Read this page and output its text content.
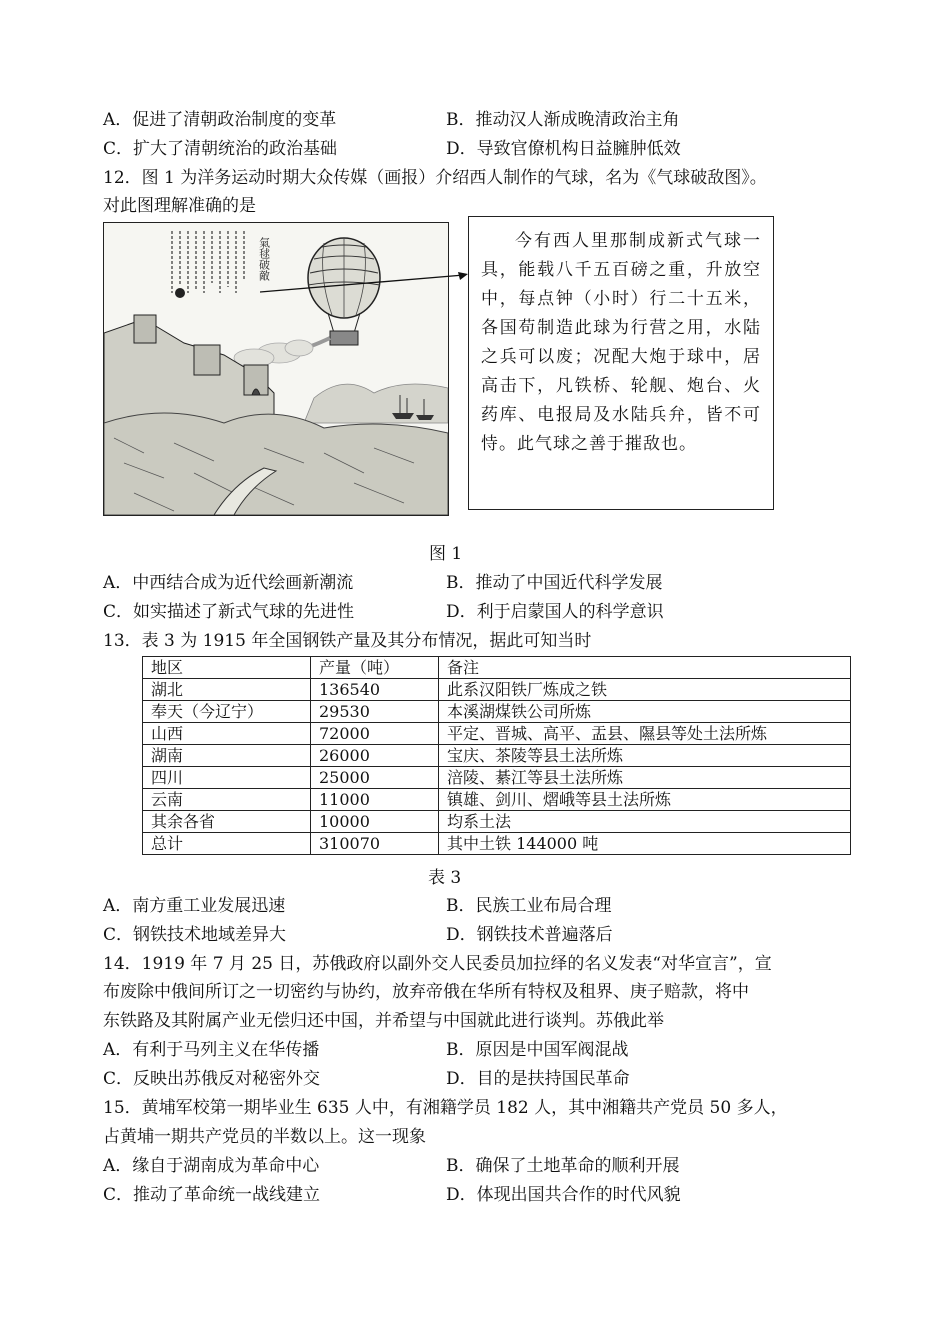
A．促进了清朝政治制度的变革	B．推动汉人渐成晚清政治主角
C．扩大了清朝统治的政治基础	D．导致官僚机构日益臃肿低效
12．图 1 为洋务运动时期大众传媒（画报）介绍西人制作的气球，名为《气球破敌图》。
对此图理解准确的是
氣毬破敵	今有西人里那制成新式气球一具，能载八千五百磅之重，升放空中，每点钟（小时）行二十五米，各国苟制造此球为行营之用，水陆之兵可以废；况配大炮于球中，居高击下，凡铁桥、轮舰、炮台、火药库、电报局及水陆兵弁，皆不可恃。此气球之善于摧敌也。
图 1
A．中西结合成为近代绘画新潮流	B．推动了中国近代科学发展
C．如实描述了新式气球的先进性	D．利于启蒙国人的科学意识
13．表 3 为 1915 年全国钢铁产量及其分布情况，据此可知当时
地区	产量（吨）	备注
湖北	136540	此系汉阳铁厂炼成之铁
奉天（今辽宁）	29530	本溪湖煤铁公司所炼
山西	72000	平定、晋城、高平、盂县、隰县等处土法所炼
湖南	26000	宝庆、茶陵等县土法所炼
四川	25000	涪陵、綦江等县土法所炼
云南	11000	镇雄、剑川、熠峨等县土法所炼
其余各省	10000	均系土法
总计	310070	其中土铁 144000 吨
表 3
A．南方重工业发展迅速	B．民族工业布局合理
C．钢铁技术地域差异大	D．钢铁技术普遍落后
14．1919 年 7 月 25 日，苏俄政府以副外交人民委员加拉绎的名义发表“对华宣言”，宣
布废除中俄间所订之一切密约与协约，放弃帝俄在华所有特权及租界、庚子赔款，将中
东铁路及其附属产业无偿归还中国，并希望与中国就此进行谈判。苏俄此举
A．有利于马列主义在华传播	B．原因是中国军阀混战
C．反映出苏俄反对秘密外交	D．目的是扶持国民革命
15．黄埔军校第一期毕业生 635 人中，有湘籍学员 182 人，其中湘籍共产党员 50 多人，
占黄埔一期共产党员的半数以上。这一现象
A．缘自于湖南成为革命中心	B．确保了土地革命的顺利开展
C．推动了革命统一战线建立	D．体现出国共合作的时代风貌
